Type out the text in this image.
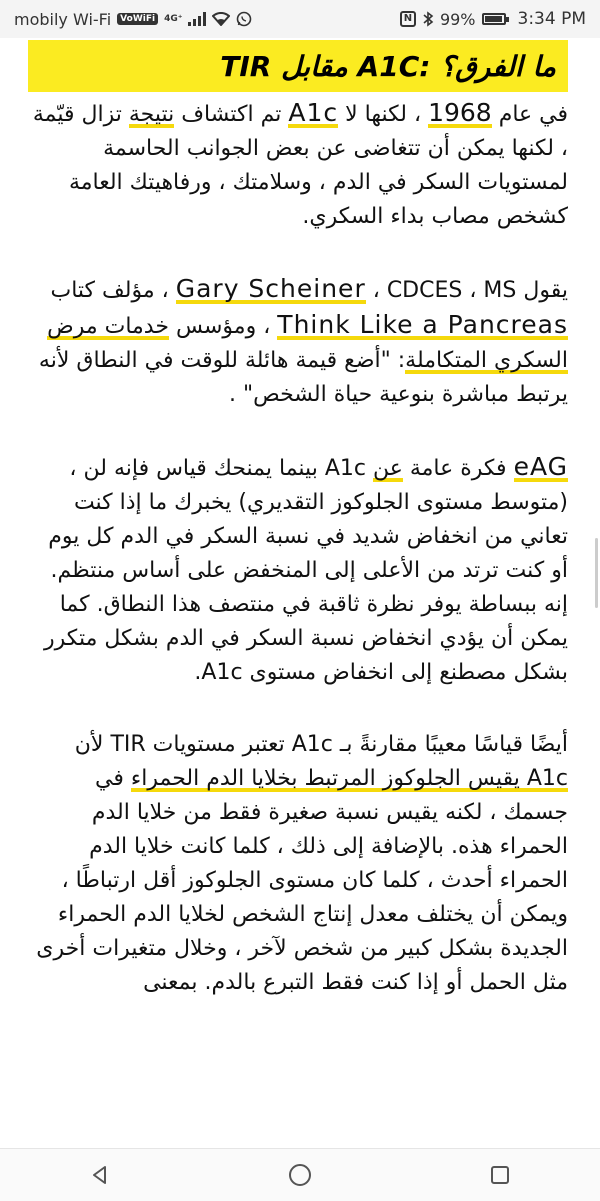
mobily Wi-Fi	VoWiFi	4G⁺	N 99% 3:34 PM
TIR مقابل A1C: ما الفرق؟

في عام 1968 ، لكنها لا A1c تم اكتشاف نتيجة تزال قيّمة ، لكنها يمكن أن تتغاضى عن بعض الجوانب الحاسمة لمستويات السكر في الدم ، وسلامتك ، ورفاهيتك العامة كشخص مصاب بداء السكري.

يقول Gary Scheiner ، CDCES ، MS ، مؤلف كتاب Think Like a Pancreas ، ومؤسس خدمات مرض السكري المتكاملة: "أضع قيمة هائلة للوقت في النطاق لأنه يرتبط مباشرة بنوعية حياة الشخص" .

eAG فكرة عامة عن A1c بينما يمنحك قياس فإنه لن ، (متوسط مستوى الجلوكوز التقديري) يخبرك ما إذا كنت تعاني من انخفاض شديد في نسبة السكر في الدم كل يوم أو كنت ترتد من الأعلى إلى المنخفض على أساس منتظم. إنه ببساطة يوفر نظرة ثاقبة في منتصف هذا النطاق. كما يمكن أن يؤدي انخفاض نسبة السكر في الدم بشكل متكرر بشكل مصطنع إلى انخفاض مستوى A1c.

أيضًا قياسًا معيبًا مقارنةً بـ A1c تعتبر مستويات TIR لأن A1c يقيس الجلوكوز المرتبط بخلايا الدم الحمراء في جسمك ، لكنه يقيس نسبة صغيرة فقط من خلايا الدم الحمراء هذه. بالإضافة إلى ذلك ، كلما كانت خلايا الدم الحمراء أحدث ، كلما كان مستوى الجلوكوز أقل ارتباطًا ، ويمكن أن يختلف معدل إنتاج الشخص لخلايا الدم الحمراء الجديدة بشكل كبير من شخص لآخر ، وخلال متغيرات أخرى مثل الحمل أو إذا كنت فقط التبرع بالدم. بمعنى
